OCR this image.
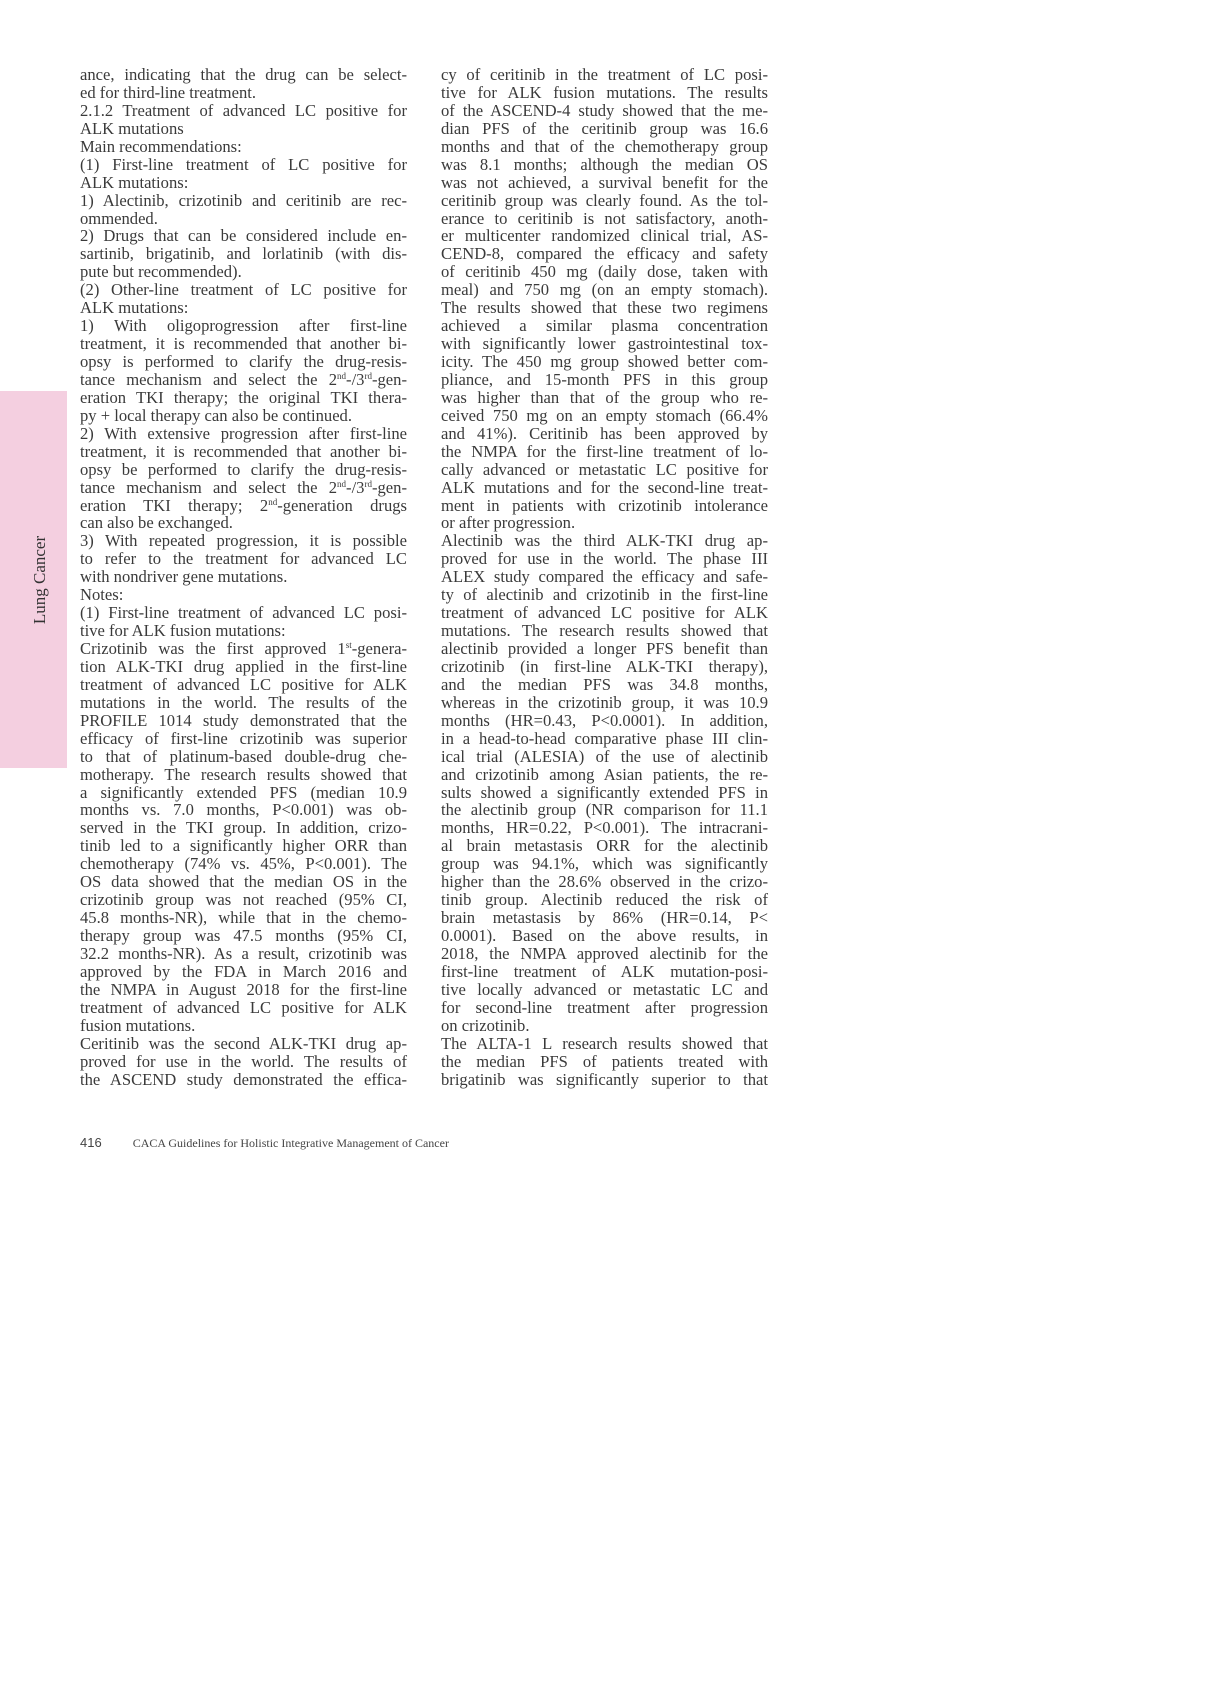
Lung Cancer
ance, indicating that the drug can be select-
ed for third-line treatment.
2.1.2 Treatment of advanced LC positive for
ALK mutations
Main recommendations:
(1) First-line treatment of LC positive for
ALK mutations:
1) Alectinib, crizotinib and ceritinib are rec-
ommended.
2) Drugs that can be considered include en-
sartinib, brigatinib, and lorlatinib (with dis-
pute but recommended).
(2) Other-line treatment of LC positive for
ALK mutations:
1) With oligoprogression after first-line
treatment, it is recommended that another bi-
opsy is performed to clarify the drug-resis-
tance mechanism and select the 2nd-/3rd-gen-
eration TKI therapy; the original TKI thera-
py + local therapy can also be continued.
2) With extensive progression after first-line
treatment, it is recommended that another bi-
opsy be performed to clarify the drug-resis-
tance mechanism and select the 2nd-/3rd-gen-
eration TKI therapy; 2nd-generation drugs
can also be exchanged.
3) With repeated progression, it is possible
to refer to the treatment for advanced LC
with nondriver gene mutations.
Notes:
(1) First-line treatment of advanced LC posi-
tive for ALK fusion mutations:
Crizotinib was the first approved 1st-genera-
tion ALK-TKI drug applied in the first-line
treatment of advanced LC positive for ALK
mutations in the world. The results of the
PROFILE 1014 study demonstrated that the
efficacy of first-line crizotinib was superior
to that of platinum-based double-drug che-
motherapy. The research results showed that
a significantly extended PFS (median 10.9
months vs. 7.0 months, P<0.001) was ob-
served in the TKI group. In addition, crizo-
tinib led to a significantly higher ORR than
chemotherapy (74% vs. 45%, P<0.001). The
OS data showed that the median OS in the
crizotinib group was not reached (95% CI,
45.8 months-NR), while that in the chemo-
therapy group was 47.5 months (95% CI,
32.2 months-NR). As a result, crizotinib was
approved by the FDA in March 2016 and
the NMPA in August 2018 for the first-line
treatment of advanced LC positive for ALK
fusion mutations.
Ceritinib was the second ALK-TKI drug ap-
proved for use in the world. The results of
the ASCEND study demonstrated the effica-
cy of ceritinib in the treatment of LC posi-
tive for ALK fusion mutations. The results
of the ASCEND-4 study showed that the me-
dian PFS of the ceritinib group was 16.6
months and that of the chemotherapy group
was 8.1 months; although the median OS
was not achieved, a survival benefit for the
ceritinib group was clearly found. As the tol-
erance to ceritinib is not satisfactory, anoth-
er multicenter randomized clinical trial, AS-
CEND-8, compared the efficacy and safety
of ceritinib 450 mg (daily dose, taken with
meal) and 750 mg (on an empty stomach).
The results showed that these two regimens
achieved a similar plasma concentration
with significantly lower gastrointestinal tox-
icity. The 450 mg group showed better com-
pliance, and 15-month PFS in this group
was higher than that of the group who re-
ceived 750 mg on an empty stomach (66.4%
and 41%). Ceritinib has been approved by
the NMPA for the first-line treatment of lo-
cally advanced or metastatic LC positive for
ALK mutations and for the second-line treat-
ment in patients with crizotinib intolerance
or after progression.
Alectinib was the third ALK-TKI drug ap-
proved for use in the world. The phase III
ALEX study compared the efficacy and safe-
ty of alectinib and crizotinib in the first-line
treatment of advanced LC positive for ALK
mutations. The research results showed that
alectinib provided a longer PFS benefit than
crizotinib (in first-line ALK-TKI therapy),
and the median PFS was 34.8 months,
whereas in the crizotinib group, it was 10.9
months (HR=0.43, P<0.0001). In addition,
in a head-to-head comparative phase III clin-
ical trial (ALESIA) of the use of alectinib
and crizotinib among Asian patients, the re-
sults showed a significantly extended PFS in
the alectinib group (NR comparison for 11.1
months, HR=0.22, P<0.001). The intracrani-
al brain metastasis ORR for the alectinib
group was 94.1%, which was significantly
higher than the 28.6% observed in the crizo-
tinib group. Alectinib reduced the risk of
brain metastasis by 86% (HR=0.14, P<
0.0001). Based on the above results, in
2018, the NMPA approved alectinib for the
first-line treatment of ALK mutation-posi-
tive locally advanced or metastatic LC and
for second-line treatment after progression
on crizotinib.
The ALTA-1 L research results showed that
the median PFS of patients treated with
brigatinib was significantly superior to that
416	CACA Guidelines for Holistic Integrative Management of Cancer
